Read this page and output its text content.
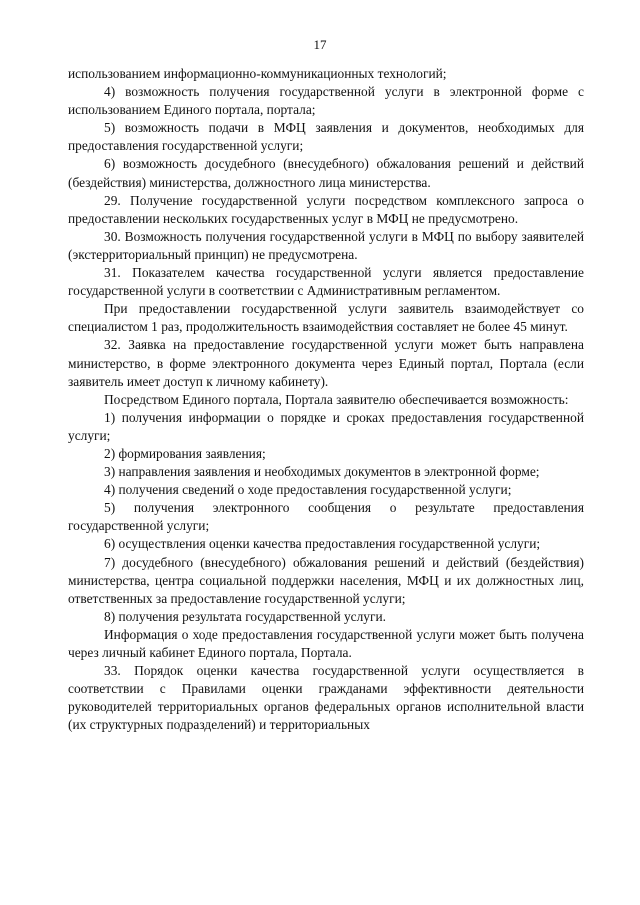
17

использованием информационно-коммуникационных технологий;

4) возможность получения государственной услуги в электронной форме с использованием Единого портала, портала;

5) возможность подачи в МФЦ заявления и документов, необходимых для предоставления государственной услуги;

6) возможность досудебного (внесудебного) обжалования решений и действий (бездействия) министерства, должностного лица министерства.

29. Получение государственной услуги посредством комплексного запроса о предоставлении нескольких государственных услуг в МФЦ не предусмотрено.

30. Возможность получения государственной услуги в МФЦ по выбору заявителей (экстерриториальный принцип) не предусмотрена.

31. Показателем качества государственной услуги является предоставление государственной услуги в соответствии с Административным регламентом.

При предоставлении государственной услуги заявитель взаимодействует со специалистом 1 раз, продолжительность взаимодействия составляет не более 45 минут.

32. Заявка на предоставление государственной услуги может быть направлена министерство, в форме электронного документа через Единый портал, Портала (если заявитель имеет доступ к личному кабинету).

Посредством Единого портала, Портала заявителю обеспечивается возможность:

1) получения информации о порядке и сроках предоставления государственной услуги;

2) формирования заявления;

3) направления заявления и необходимых документов в электронной форме;

4) получения сведений о ходе предоставления государственной услуги;

5) получения электронного сообщения о результате предоставления государственной услуги;

6) осуществления оценки качества предоставления государственной услуги;

7) досудебного (внесудебного) обжалования решений и действий (бездействия) министерства, центра социальной поддержки населения, МФЦ и их должностных лиц, ответственных за предоставление государственной услуги;

8) получения результата государственной услуги.

Информация о ходе предоставления государственной услуги может быть получена через личный кабинет Единого портала, Портала.

33. Порядок оценки качества государственной услуги осуществляется в соответствии с Правилами оценки гражданами эффективности деятельности руководителей территориальных органов федеральных органов исполнительной власти (их структурных подразделений) и территориальных
